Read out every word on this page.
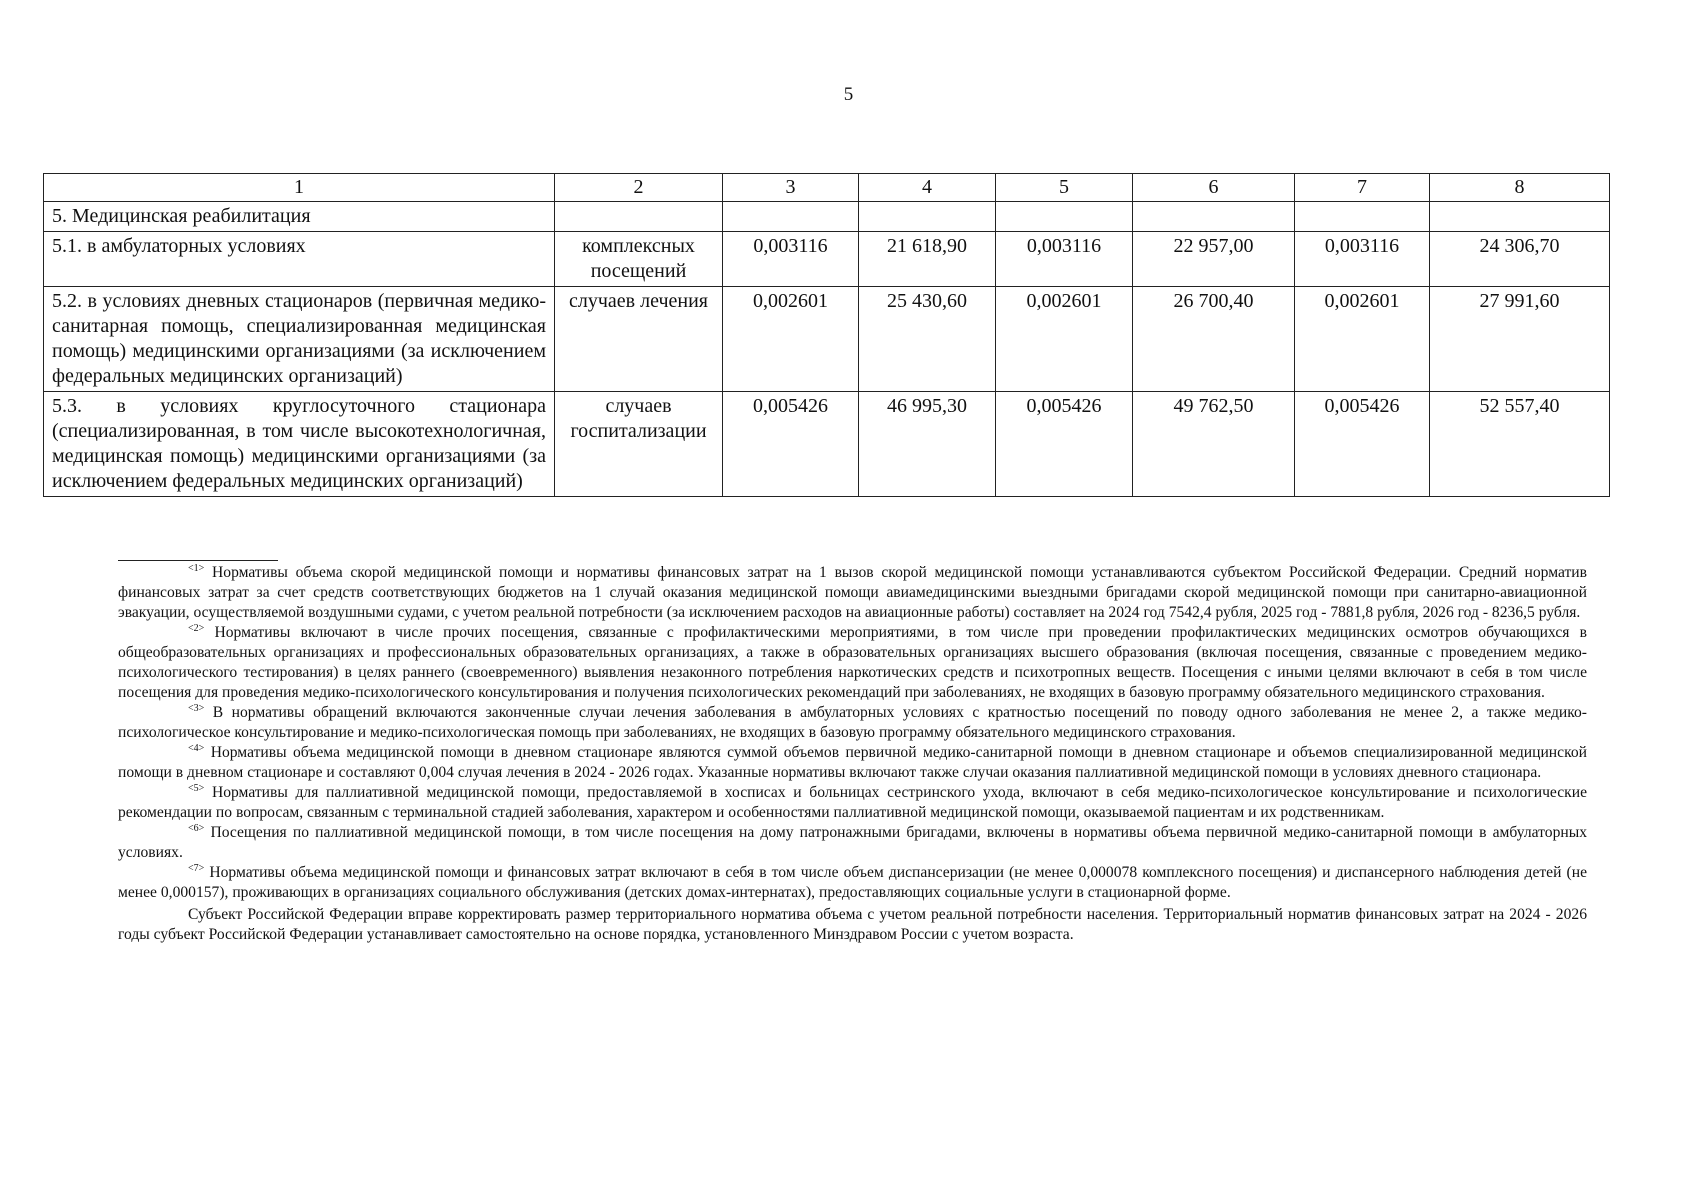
5
1	2	3	4	5	6	7	8
5. Медицинская реабилитация							
5.1. в амбулаторных условиях	комплексных посещений	0,003116	21 618,90	0,003116	22 957,00	0,003116	24 306,70
5.2. в условиях дневных стационаров (первичная медико-санитарная помощь, специализированная медицинская помощь) медицинскими организациями (за исключением федеральных медицинских организаций)	случаев лечения	0,002601	25 430,60	0,002601	26 700,40	0,002601	27 991,60
5.3. в условиях круглосуточного стационара (специализированная, в том числе высокотехнологичная, медицинская помощь) медицинскими организациями (за исключением федеральных медицинских организаций)	случаев госпитализации	0,005426	46 995,30	0,005426	49 762,50	0,005426	52 557,40

$^{<1>}$ Нормативы объема скорой медицинской помощи и нормативы финансовых затрат на 1 вызов скорой медицинской помощи устанавливаются субъектом Российской Федерации. Средний норматив финансовых затрат за счет средств соответствующих бюджетов на 1 случай оказания медицинской помощи авиамедицинскими выездными бригадами скорой медицинской помощи при санитарно-авиационной эвакуации, осуществляемой воздушными судами, с учетом реальной потребности (за исключением расходов на авиационные работы) составляет на 2024 год 7542,4 рубля, 2025 год - 7881,8 рубля, 2026 год - 8236,5 рубля.

$^{<2>}$ Нормативы включают в числе прочих посещения, связанные с профилактическими мероприятиями, в том числе при проведении профилактических медицинских осмотров обучающихся в общеобразовательных организациях и профессиональных образовательных организациях, а также в образовательных организациях высшего образования (включая посещения, связанные с проведением медико-психологического тестирования) в целях раннего (своевременного) выявления незаконного потребления наркотических средств и психотропных веществ. Посещения с иными целями включают в себя в том числе посещения для проведения медико-психологического консультирования и получения психологических рекомендаций при заболеваниях, не входящих в базовую программу обязательного медицинского страхования.

$^{<3>}$ В нормативы обращений включаются законченные случаи лечения заболевания в амбулаторных условиях с кратностью посещений по поводу одного заболевания не менее 2, а также медико-психологическое консультирование и медико-психологическая помощь при заболеваниях, не входящих в базовую программу обязательного медицинского страхования.

$^{<4>}$ Нормативы объема медицинской помощи в дневном стационаре являются суммой объемов первичной медико-санитарной помощи в дневном стационаре и объемов специализированной медицинской помощи в дневном стационаре и составляют 0,004 случая лечения в 2024 - 2026 годах. Указанные нормативы включают также случаи оказания паллиативной медицинской помощи в условиях дневного стационара.

$^{<5>}$ Нормативы для паллиативной медицинской помощи, предоставляемой в хосписах и больницах сестринского ухода, включают в себя медико-психологическое консультирование и психологические рекомендации по вопросам, связанным с терминальной стадией заболевания, характером и особенностями паллиативной медицинской помощи, оказываемой пациентам и их родственникам.

$^{<6>}$ Посещения по паллиативной медицинской помощи, в том числе посещения на дому патронажными бригадами, включены в нормативы объема первичной медико-санитарной помощи в амбулаторных условиях.

$^{<7>}$ Нормативы объема медицинской помощи и финансовых затрат включают в себя в том числе объем диспансеризации (не менее 0,000078 комплексного посещения) и диспансерного наблюдения детей (не менее 0,000157), проживающих в организациях социального обслуживания (детских домах-интернатах), предоставляющих социальные услуги в стационарной форме.

Субъект Российской Федерации вправе корректировать размер территориального норматива объема с учетом реальной потребности населения. Территориальный норматив финансовых затрат на 2024 - 2026 годы субъект Российской Федерации устанавливает самостоятельно на основе порядка, установленного Минздравом России с учетом возраста.
